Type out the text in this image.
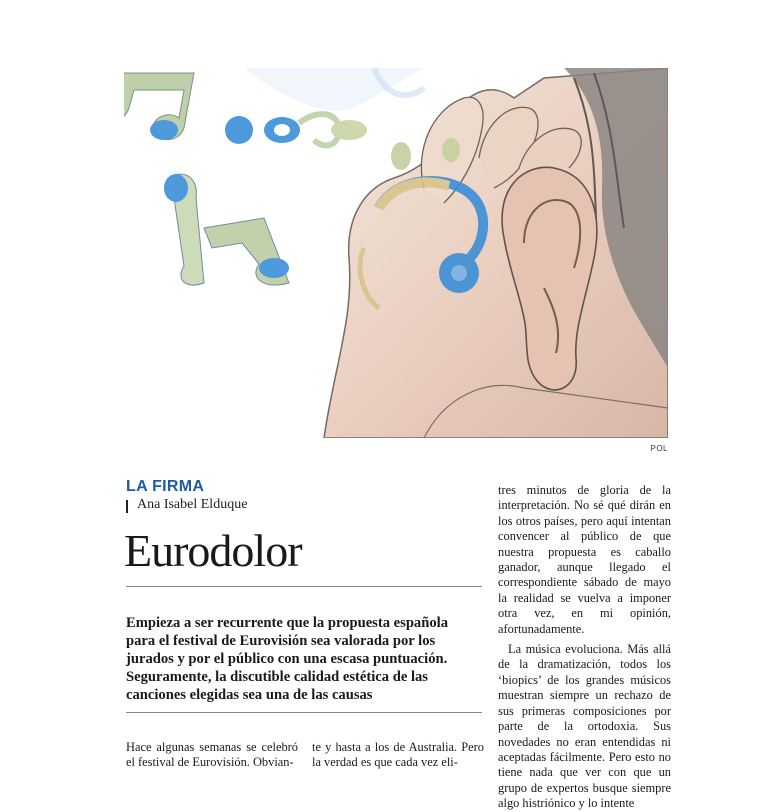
POL
LA FIRMA
Ana Isabel Elduque
Eurodolor
Empieza a ser recurrente que la propuesta española para el festival de Eurovisión sea valorada por los jurados y por el público con una escasa puntuación. Seguramente, la discutible calidad estética de las canciones elegidas sea una de las causas

Hace algunas semanas se celebró el festival de Eurovisión. Obvian-

te y hasta a los de Australia. Pero la verdad es que cada vez eli-

tres minutos de gloria de la interpretación. No sé qué dirán en los otros países, pero aquí intentan convencer al público de que nuestra propuesta es caballo ganador, aunque llegado el correspondiente sábado de mayo la realidad se vuelva a imponer otra vez, en mi opinión, afortunadamente.

La música evoluciona. Más allá de la dramatización, todos los ‘biopics’ de los grandes músicos muestran siempre un rechazo de sus primeras composiciones por parte de la ortodoxia. Sus novedades no eran entendidas ni aceptadas fácilmente. Pero esto no tiene nada que ver con que un grupo de expertos busque siempre algo histriónico y lo intente
